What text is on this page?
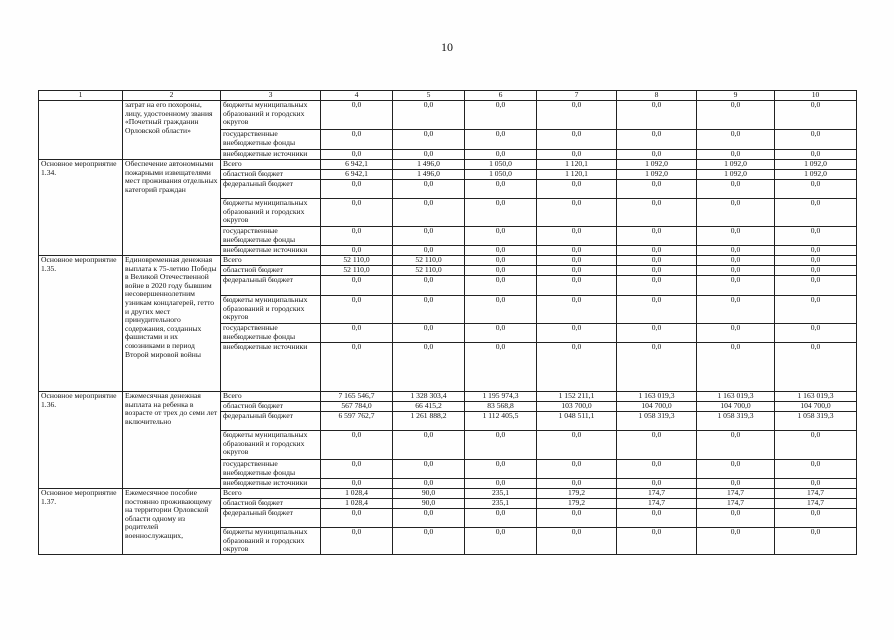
10
1	2	3	4	5	6	7	8	9	10
	затрат на его похороны, лицу, удостоенному звания «Почетный гражданин Орловской области»	бюджеты муниципальных образований и городских округов	0,0	0,0	0,0	0,0	0,0	0,0	0,0
		государственные внебюджетные фонды	0,0	0,0	0,0	0,0	0,0	0,0	0,0
		внебюджетные источники	0,0	0,0	0,0	0,0	0,0	0,0	0,0
Основное мероприятие 1.34.	Обеспечение автономными пожарными извещателями мест проживания отдельных категорий граждан	Всего	6 942,1	1 496,0	1 050,0	1 120,1	1 092,0	1 092,0	1 092,0
		областной бюджет	6 942,1	1 496,0	1 050,0	1 120,1	1 092,0	1 092,0	1 092,0
		федеральный бюджет	0,0	0,0	0,0	0,0	0,0	0,0	0,0
		бюджеты муниципальных образований и городских округов	0,0	0,0	0,0	0,0	0,0	0,0	0,0
		государственные внебюджетные фонды	0,0	0,0	0,0	0,0	0,0	0,0	0,0
		внебюджетные источники	0,0	0,0	0,0	0,0	0,0	0,0	0,0
Основное мероприятие 1.35.	Единовременная денежная выплата к 75-летию Победы в Великой Отечественной войне в 2020 году бывшим несовершеннолетним узникам концлагерей, гетто и других мест принудительного содержания, созданных фашистами и их союзниками в период Второй мировой войны	Всего	52 110,0	52 110,0	0,0	0,0	0,0	0,0	0,0
		областной бюджет	52 110,0	52 110,0	0,0	0,0	0,0	0,0	0,0
		федеральный бюджет	0,0	0,0	0,0	0,0	0,0	0,0	0,0
		бюджеты муниципальных образований и городских округов	0,0	0,0	0,0	0,0	0,0	0,0	0,0
		государственные внебюджетные фонды	0,0	0,0	0,0	0,0	0,0	0,0	0,0
		внебюджетные источники	0,0	0,0	0,0	0,0	0,0	0,0	0,0
Основное мероприятие 1.36.	Ежемесячная денежная выплата на ребенка в возрасте от трех до семи лет включительно	Всего	7 165 546,7	1 328 303,4	1 195 974,3	1 152 211,1	1 163 019,3	1 163 019,3	1 163 019,3
		областной бюджет	567 784,0	66 415,2	83 568,8	103 700,0	104 700,0	104 700,0	104 700,0
		федеральный бюджет	6 597 762,7	1 261 888,2	1 112 405,5	1 048 511,1	1 058 319,3	1 058 319,3	1 058 319,3
		бюджеты муниципальных образований и городских округов	0,0	0,0	0,0	0,0	0,0	0,0	0,0
		государственные внебюджетные фонды	0,0	0,0	0,0	0,0	0,0	0,0	0,0
		внебюджетные источники	0,0	0,0	0,0	0,0	0,0	0,0	0,0
Основное мероприятие 1.37.	Ежемесячное пособие постоянно проживающему на территории Орловской области одному из родителей военнослужащих,	Всего	1 028,4	90,0	235,1	179,2	174,7	174,7	174,7
		областной бюджет	1 028,4	90,0	235,1	179,2	174,7	174,7	174,7
		федеральный бюджет	0,0	0,0	0,0	0,0	0,0	0,0	0,0
		бюджеты муниципальных образований и городских округов	0,0	0,0	0,0	0,0	0,0	0,0	0,0
